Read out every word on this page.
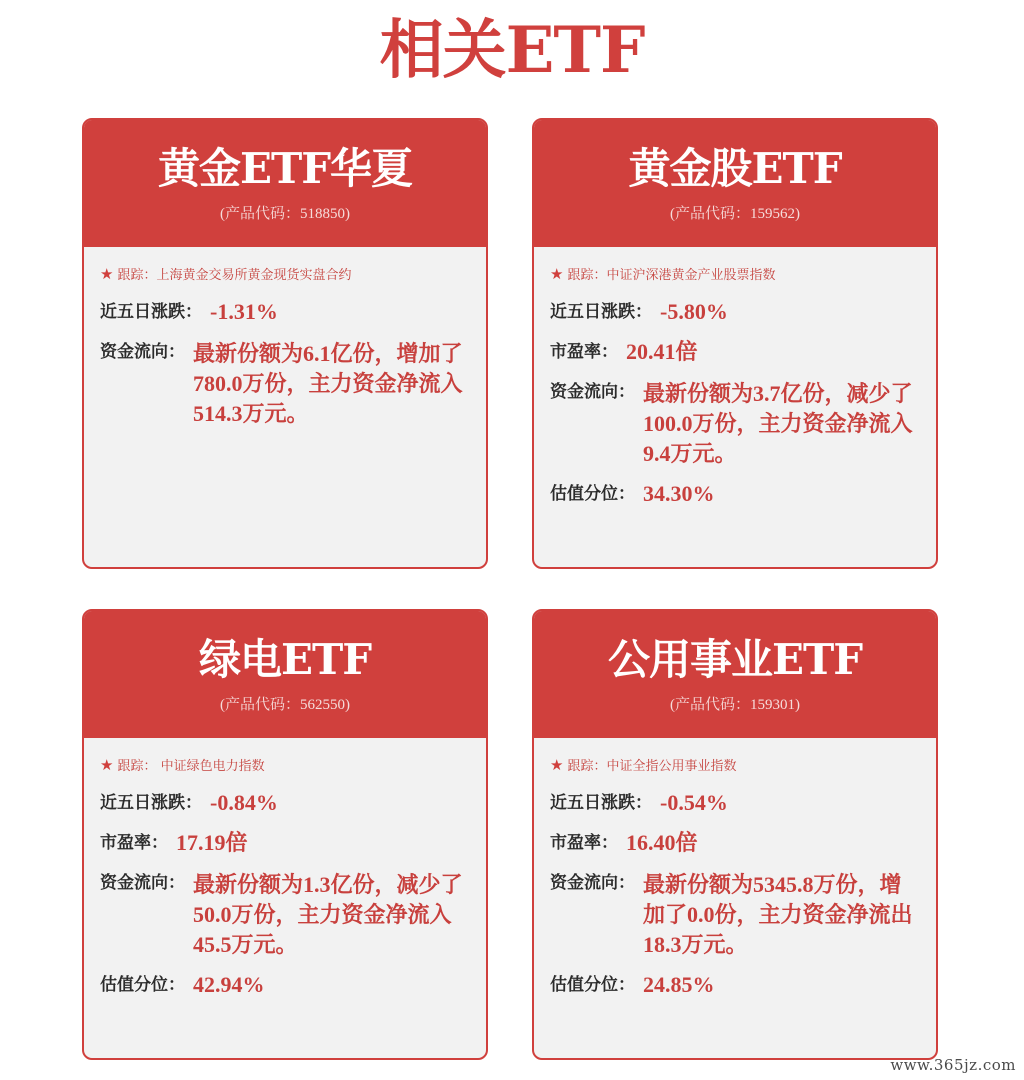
相关ETF
黄金ETF华夏
(产品代码：518850)
★ 跟踪：上海黄金交易所黄金现货实盘合约
近五日涨跌： -1.31%
资金流向： 最新份额为6.1亿份，增加了780.0万份，主力资金净流入514.3万元。
黄金股ETF
(产品代码：159562)
★ 跟踪：中证沪深港黄金产业股票指数
近五日涨跌： -5.80%
市盈率： 20.41倍
资金流向： 最新份额为3.7亿份，减少了100.0万份，主力资金净流入9.4万元。
估值分位： 34.30%
绿电ETF
(产品代码：562550)
★ 跟踪： 中证绿色电力指数
近五日涨跌： -0.84%
市盈率： 17.19倍
资金流向： 最新份额为1.3亿份，减少了50.0万份，主力资金净流入45.5万元。
估值分位： 42.94%
公用事业ETF
(产品代码：159301)
★ 跟踪：中证全指公用事业指数
近五日涨跌： -0.54%
市盈率： 16.40倍
资金流向： 最新份额为5345.8万份，增加了0.0份，主力资金净流出18.3万元。
估值分位： 24.85%
www.365jz.com
